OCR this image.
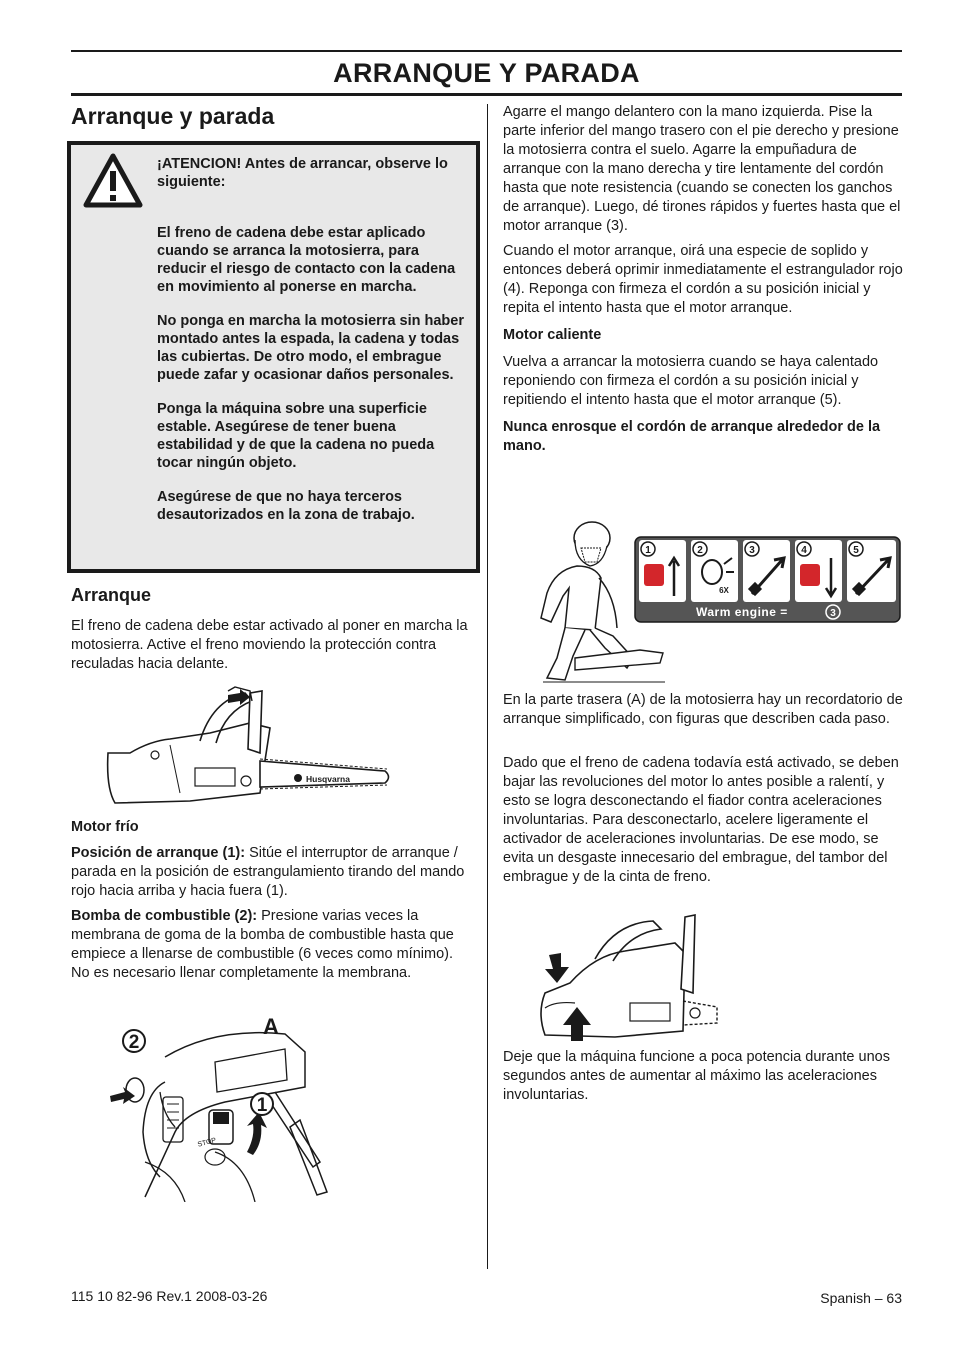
ARRANQUE Y PARADA
Arranque y parada

¡ATENCION! Antes de arrancar, observe lo siguiente:

El freno de cadena debe estar aplicado cuando se arranca la motosierra, para reducir el riesgo de contacto con la cadena en movimiento al ponerse en marcha.

No ponga en marcha la motosierra sin haber montado antes la espada, la cadena y todas las cubiertas. De otro modo, el embrague puede zafar y ocasionar daños personales.

Ponga la máquina sobre una superficie estable. Asegúrese de tener buena estabilidad y de que la cadena no pueda tocar ningún objeto.

Asegúrese de que no haya terceros desautorizados en la zona de trabajo.

Arranque

El freno de cadena debe estar activado al poner en marcha la motosierra. Active el freno moviendo la protección contra reculadas hacia delante.

Husqvarna

Motor frío

Posición de arranque (1): Sitúe el interruptor de arranque / parada en la posición de estrangulamiento tirando del mando rojo hacia arriba y hacia fuera (1).

Bomba de combustible (2): Presione varias veces la membrana de goma de la bomba de combustible hasta que empiece a llenarse de combustible (6 veces como mínimo). No es necesario llenar completamente la membrana.

STOP
2
1
A

Agarre el mango delantero con la mano izquierda. Pise la parte inferior del mango trasero con el pie derecho y presione la motosierra contra el suelo. Agarre la empuñadura de arranque con la mano derecha y tire lentamente del cordón hasta que note resistencia (cuando se conecten los ganchos de arranque). Luego, dé tirones rápidos y fuertes hasta que el motor arranque (3).

Cuando el motor arranque, oirá una especie de soplido y entonces deberá oprimir inmediatamente el estrangulador rojo (4). Reponga con firmeza el cordón a su posición inicial y repita el intento hasta que el motor arranque.

Motor caliente

Vuelva a arrancar la motosierra cuando se haya calentado reponiendo con firmeza el cordón a su posición inicial y repitiendo el intento hasta que el motor arranque (5).

Nunca enrosque el cordón de arranque alrededor de la mano.

1	2
6X
3	4	5
Warm engine =	3

En la parte trasera (A) de la motosierra hay un recordatorio de arranque simplificado, con figuras que describen cada paso.

Dado que el freno de cadena todavía está activado, se deben bajar las revoluciones del motor lo antes posible a ralentí, y esto se logra desconectando el fiador contra aceleraciones involuntarias. Para desconectarlo, acelere ligeramente el activador de aceleraciones involuntarias. De ese modo, se evita un desgaste innecesario del embrague, del tambor del embrague y de la cinta de freno.

Deje que la máquina funcione a poca potencia durante unos segundos antes de aumentar al máximo las aceleraciones involuntarias.

115 10 82-96 Rev.1 2008-03-26	Spanish – 63
